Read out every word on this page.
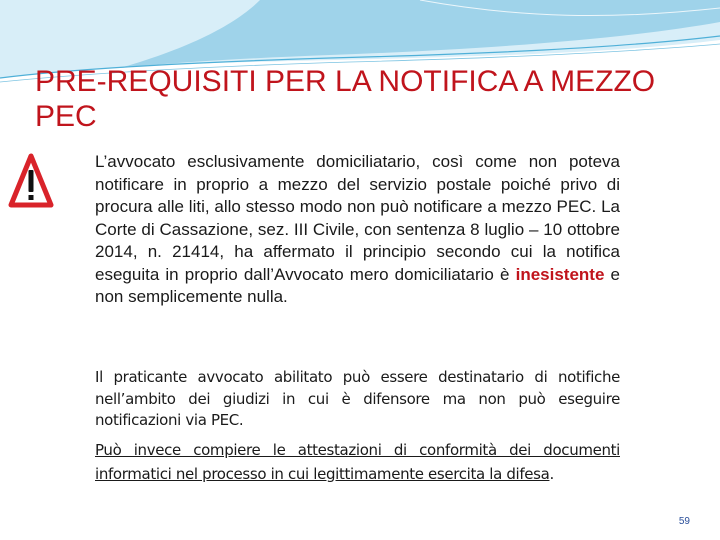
PRE-REQUISITI PER LA NOTIFICA A MEZZO PEC

L’avvocato esclusivamente domiciliatario, così come non poteva notificare in proprio a mezzo del servizio postale poiché privo di procura alle liti, allo stesso modo non può notificare a mezzo PEC. La Corte di Cassazione, sez. III Civile, con sentenza 8 luglio – 10 ottobre 2014, n. 21414, ha affermato il principio secondo cui la notifica eseguita in proprio dall’Avvocato mero domiciliatario è inesistente e non semplicemente nulla.

Il praticante avvocato abilitato può essere destinatario di notifiche nell’ambito dei giudizi in cui è difensore ma non può eseguire notificazioni via PEC.

Può invece compiere le attestazioni di conformità dei documenti informatici nel processo in cui legittimamente esercita la difesa.

59
